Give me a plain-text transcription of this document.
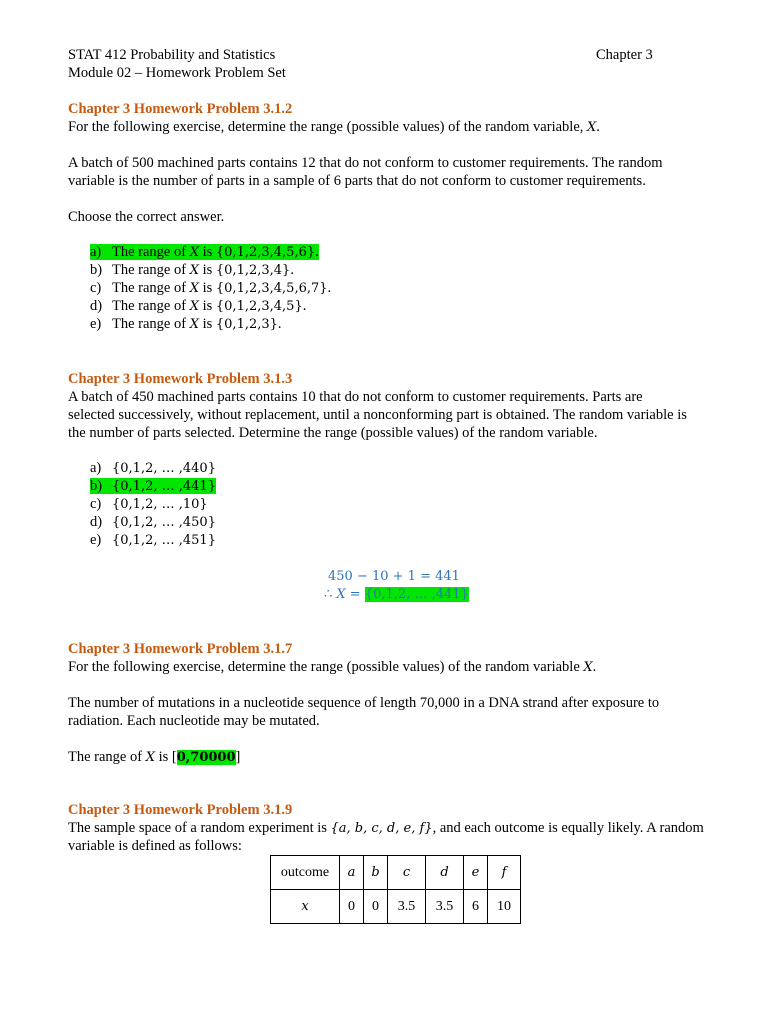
STAT 412 Probability and Statistics
Module 02 – Homework Problem Set
Chapter 3
Chapter 3 Homework Problem 3.1.2
For the following exercise, determine the range (possible values) of the random variable, X.
A batch of 500 machined parts contains 12 that do not conform to customer requirements. The random
variable is the number of parts in a sample of 6 parts that do not conform to customer requirements.
Choose the correct answer.
a) The range of X is {0,1,2,3,4,5,6}.
b) The range of X is {0,1,2,3,4}.
c) The range of X is {0,1,2,3,4,5,6,7}.
d) The range of X is {0,1,2,3,4,5}.
e) The range of X is {0,1,2,3}.
Chapter 3 Homework Problem 3.1.3
A batch of 450 machined parts contains 10 that do not conform to customer requirements. Parts are
selected successively, without replacement, until a nonconforming part is obtained. The random variable is
the number of parts selected. Determine the range (possible values) of the random variable.
a) {0,1,2, … ,440}
b) {0,1,2, … ,441}
c) {0,1,2, … ,10}
d) {0,1,2, … ,450}
e) {0,1,2, … ,451}
450 − 10 + 1 = 441
∴ X = {0,1,2, … ,441}
Chapter 3 Homework Problem 3.1.7
For the following exercise, determine the range (possible values) of the random variable X.
The number of mutations in a nucleotide sequence of length 70,000 in a DNA strand after exposure to
radiation. Each nucleotide may be mutated.
The range of X is [0,70000]
Chapter 3 Homework Problem 3.1.9
The sample space of a random experiment is {a, b, c, d, e, f}, and each outcome is equally likely. A random
variable is defined as follows:
outcome	a	b	c	d	e	f
x	0	0	3.5	3.5	6	10
